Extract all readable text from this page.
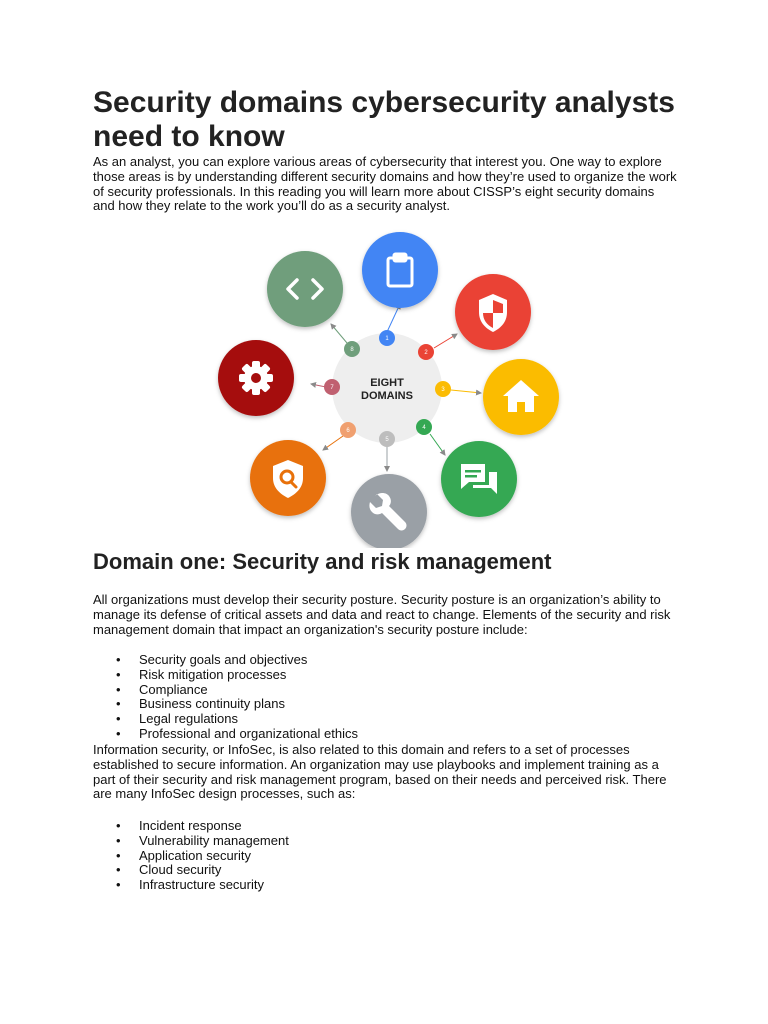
Security domains cybersecurity analysts need to know

As an analyst, you can explore various areas of cybersecurity that interest you. One way to explore those areas is by understanding different security domains and how they’re used to organize the work of security professionals. In this reading you will learn more about CISSP’s eight security domains and how they relate to the work you’ll do as a security analyst.

EIGHT
DOMAINS
1
2
3
4
5
6
7
8
Domain one: Security and risk management

All organizations must develop their security posture. Security posture is an organization’s ability to manage its defense of critical assets and data and react to change. Elements of the security and risk management domain that impact an organization's security posture include:

• Security goals and objectives
• Risk mitigation processes
• Compliance
• Business continuity plans
• Legal regulations
• Professional and organizational ethics

Information security, or InfoSec, is also related to this domain and refers to a set of processes established to secure information. An organization may use playbooks and implement training as a part of their security and risk management program, based on their needs and perceived risk. There are many InfoSec design processes, such as:

• Incident response
• Vulnerability management
• Application security
• Cloud security
• Infrastructure security
